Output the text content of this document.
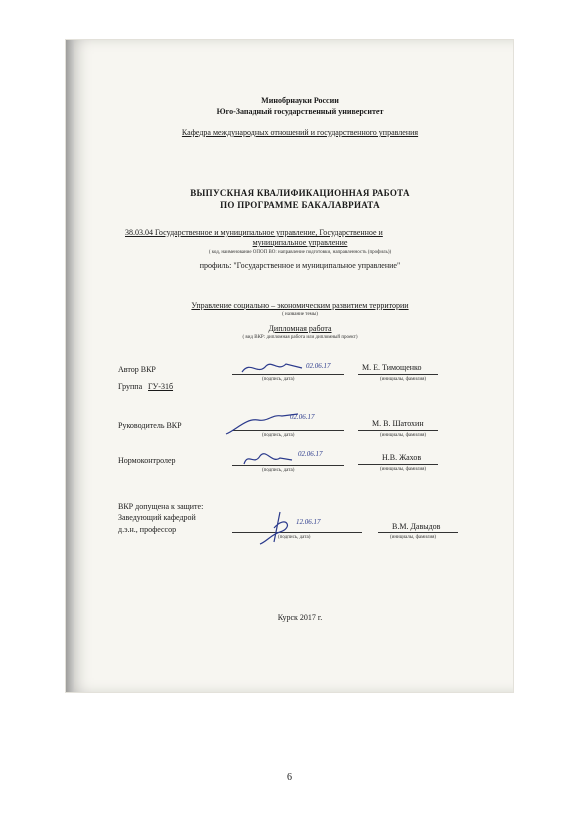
Минобрнауки России
Юго-Западный государственный университет
Кафедра международных отношений и государственного управления
ВЫПУСКНАЯ КВАЛИФИКАЦИОННАЯ РАБОТА
ПО ПРОГРАММЕ БАКАЛАВРИАТА
38.03.04 Государственное и муниципальное управление, Государственное и
муниципальное управление
( код, наименование ОПОП ВО: направление подготовки, направленность (профиль))
профиль: "Государственное и муниципальное управление"
Управление социально – экономическим развитием территории
( название темы)
Дипломная работа
( вид ВКР: дипломная работа или дипломный проект)
Автор ВКР	02.06.17
(подпись, дата)
М. Е. Тимощенко
(инициалы, фамилия)
Группа ГУ-31б
Руководитель ВКР
02.06.17
(подпись, дата)
М. В. Шатохин
(инициалы, фамилия)
Нормоконтролер
02.06.17
(подпись, дата)
Н.В. Жахов
(инициалы, фамилия)
ВКР допущена к защите:
Заведующий кафедрой
д.э.н., профессор
12.06.17
(подпись, дата)
В.М. Давыдов
(инициалы, фамилия)
Курск 2017 г.
6
